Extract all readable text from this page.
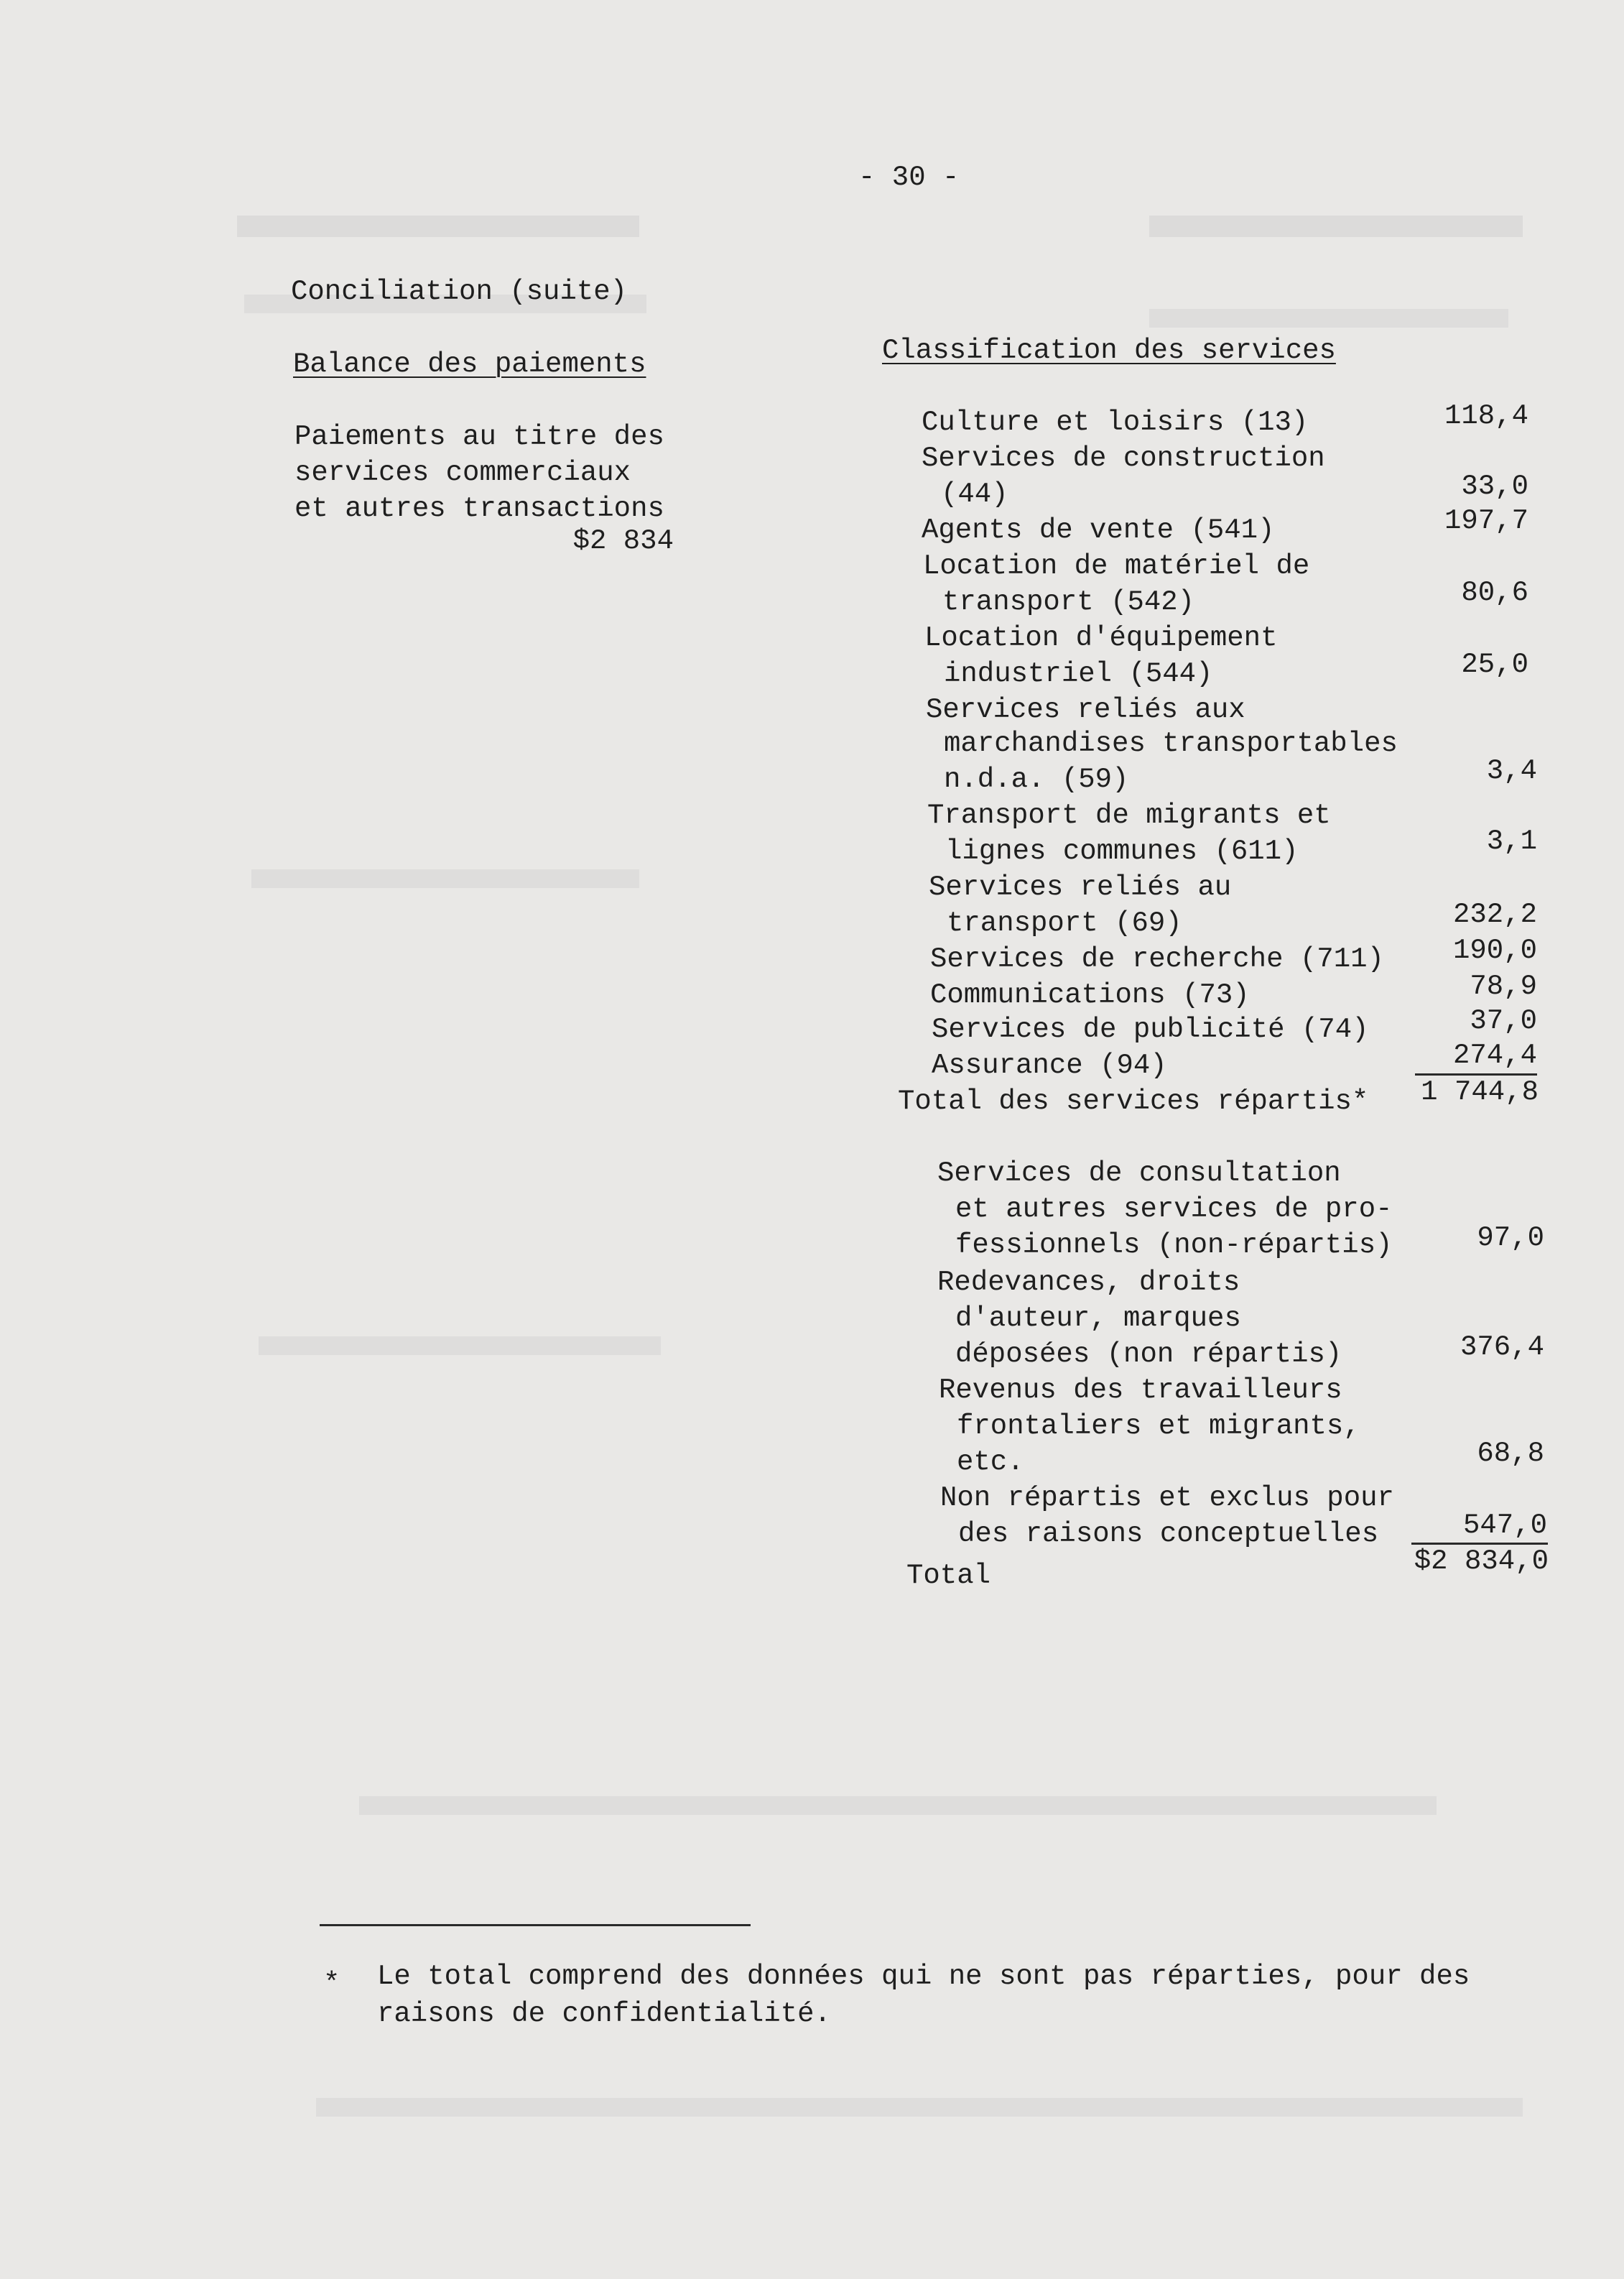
- 30 -
Conciliation (suite)
Balance des paiements
Paiements au titre des
services commerciaux
et autres transactions
$2 834
Classification des services
Culture et loisirs (13)	118,4
Services de construction
(44)	33,0
Agents de vente (541)	197,7
Location de matériel de
transport (542)	80,6
Location d'équipement
industriel (544)	25,0
Services reliés aux
marchandises transportables
n.d.a. (59)	3,4
Transport de migrants et
lignes communes (611)	3,1
Services reliés au
transport (69)	232,2
Services de recherche (711)	190,0
Communications (73)	78,9
Services de publicité (74)	37,0
Assurance (94)	274,4
Total des services répartis*	1 744,8
Services de consultation
et autres services de pro-
fessionnels (non-répartis)	97,0
Redevances, droits
d'auteur, marques
déposées (non répartis)	376,4
Revenus des travailleurs
frontaliers et migrants,
etc.	68,8
Non répartis et exclus pour
des raisons conceptuelles	547,0
Total	$2 834,0
* Le total comprend des données qui ne sont pas réparties, pour des
raisons de confidentialité.
